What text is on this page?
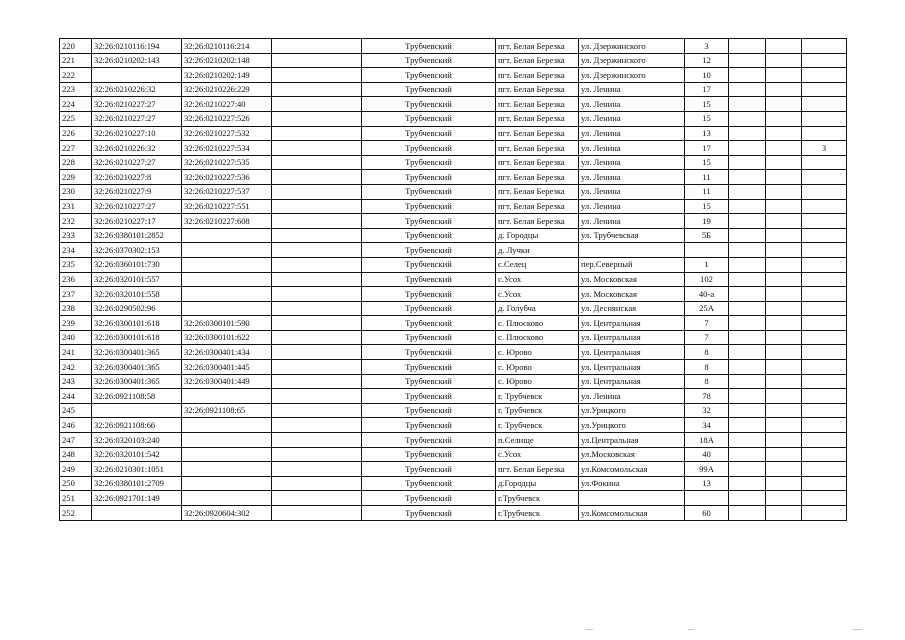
220	32:26:0210116:194	32:26:0210116:214		Трубчевский	пгт. Белая Березка	ул. Дзержинского	3			
221	32:26:0210202:143	32:26:0210202:148		Трубчевский	пгт. Белая Березка	ул. Дзержинского	12			
222		32:26:0210202:149		Трубчевский	пгт. Белая Березка	ул. Дзержинского	10			
223	32:26:0210226:32	32:26:0210226:229		Трубчевский	пгт. Белая Березка	ул. Ленина	17			
224	32:26:0210227:27	32:26:0210227:40		Трубчевский	пгт. Белая Березка	ул. Ленина	15			
225	32:26:0210227:27	32:26:0210227:526		Трубчевский	пгт. Белая Березка	ул. Ленина	15			
226	32:26:0210227:10	32:26:0210227:532		Трубчевский	пгт. Белая Березка	ул. Ленина	13			
227	32:26:0210226:32	32:26:0210227:534		Трубчевский	пгт. Белая Березка	ул. Ленина	17			3
228	32:26:0210227:27	32:26:0210227:535		Трубчевский	пгт. Белая Березка	ул. Ленина	15			
229	32:26:0210227:8	32:26:0210227:536		Трубчевский	пгт. Белая Березка	ул. Ленина	11			
230	32:26:0210227:9	32:26:0210227:537		Трубчевский	пгт. Белая Березка	ул. Ленина	11			
231	32:26:0210227:27	32:26:0210227:551		Трубчевский	пгт. Белая Березка	ул. Ленина	15			
232	32:26:0210227:17	32:26:0210227:608		Трубчевский	пгт. Белая Березка	ул. Ленина	19			
233	32:26:0380101:2852			Трубчевский	д. Городцы	ул. Трубчевская	5Б			
234	32:26:0370302:153			Трубчевский	д. Лучки					
235	32:26:0360101:730			Трубчевский	с.Селец	пер.Северный	1			
236	32:26:0320101:557			Трубчевский	с.Усох	ул. Московская	102			
237	32:26:0320101:558			Трубчевский	с.Усох	ул. Московская	40-а			
238	32:26:0290502:96			Трубчевский	д. Голубча	ул. Деснянская	25А			
239	32:26:0300101:618	32:26:0300101:590		Трубчевский	с. Плюсково	ул. Центральная	7			
240	32:26:0300101:618	32:26:0300101:622		Трубчевский	с. Плюсково	ул. Центральная	7			
241	32:26:0300401:365	32:26:0300401:434		Трубчевский	с. Юрово	ул. Центральная	8			
242	32:26:0300401:365	32:26:0300401:445		Трубчевский	с. Юрово	ул. Центральная	8			
243	32:26:0300401:365	32:26:0300401:449		Трубчевский	с. Юрово	ул. Центральная	8			
244	32:26:0921108:58			Трубчевский	г. Трубчевск	ул. Ленина	78			
245		32:26:0921108:65		Трубчевский	г. Трубчевск	ул.Урицкого	32			
246	32:26:0921108:66			Трубчевский	г. Трубчевск	ул.Урицкого	34			
247	32:26:0320103:240			Трубчевский	п.Селище	ул.Центральная	18А			
248	32:26:0320101:542			Трубчевский	с.Усох	ул.Московская	40			
249	32:26:0210301:1051			Трубчевский	пгт. Белая Березка	ул.Комсомольская	99А			
250	32:26:0380101:2709			Трубчевский	д.Городцы	ул.Фокина	13			
251	32:26:0921701:149			Трубчевский	г.Трубчевск					
252		32:26:0920604:302		Трубчевский	г.Трубчевск	ул.Комсомольская	60			
